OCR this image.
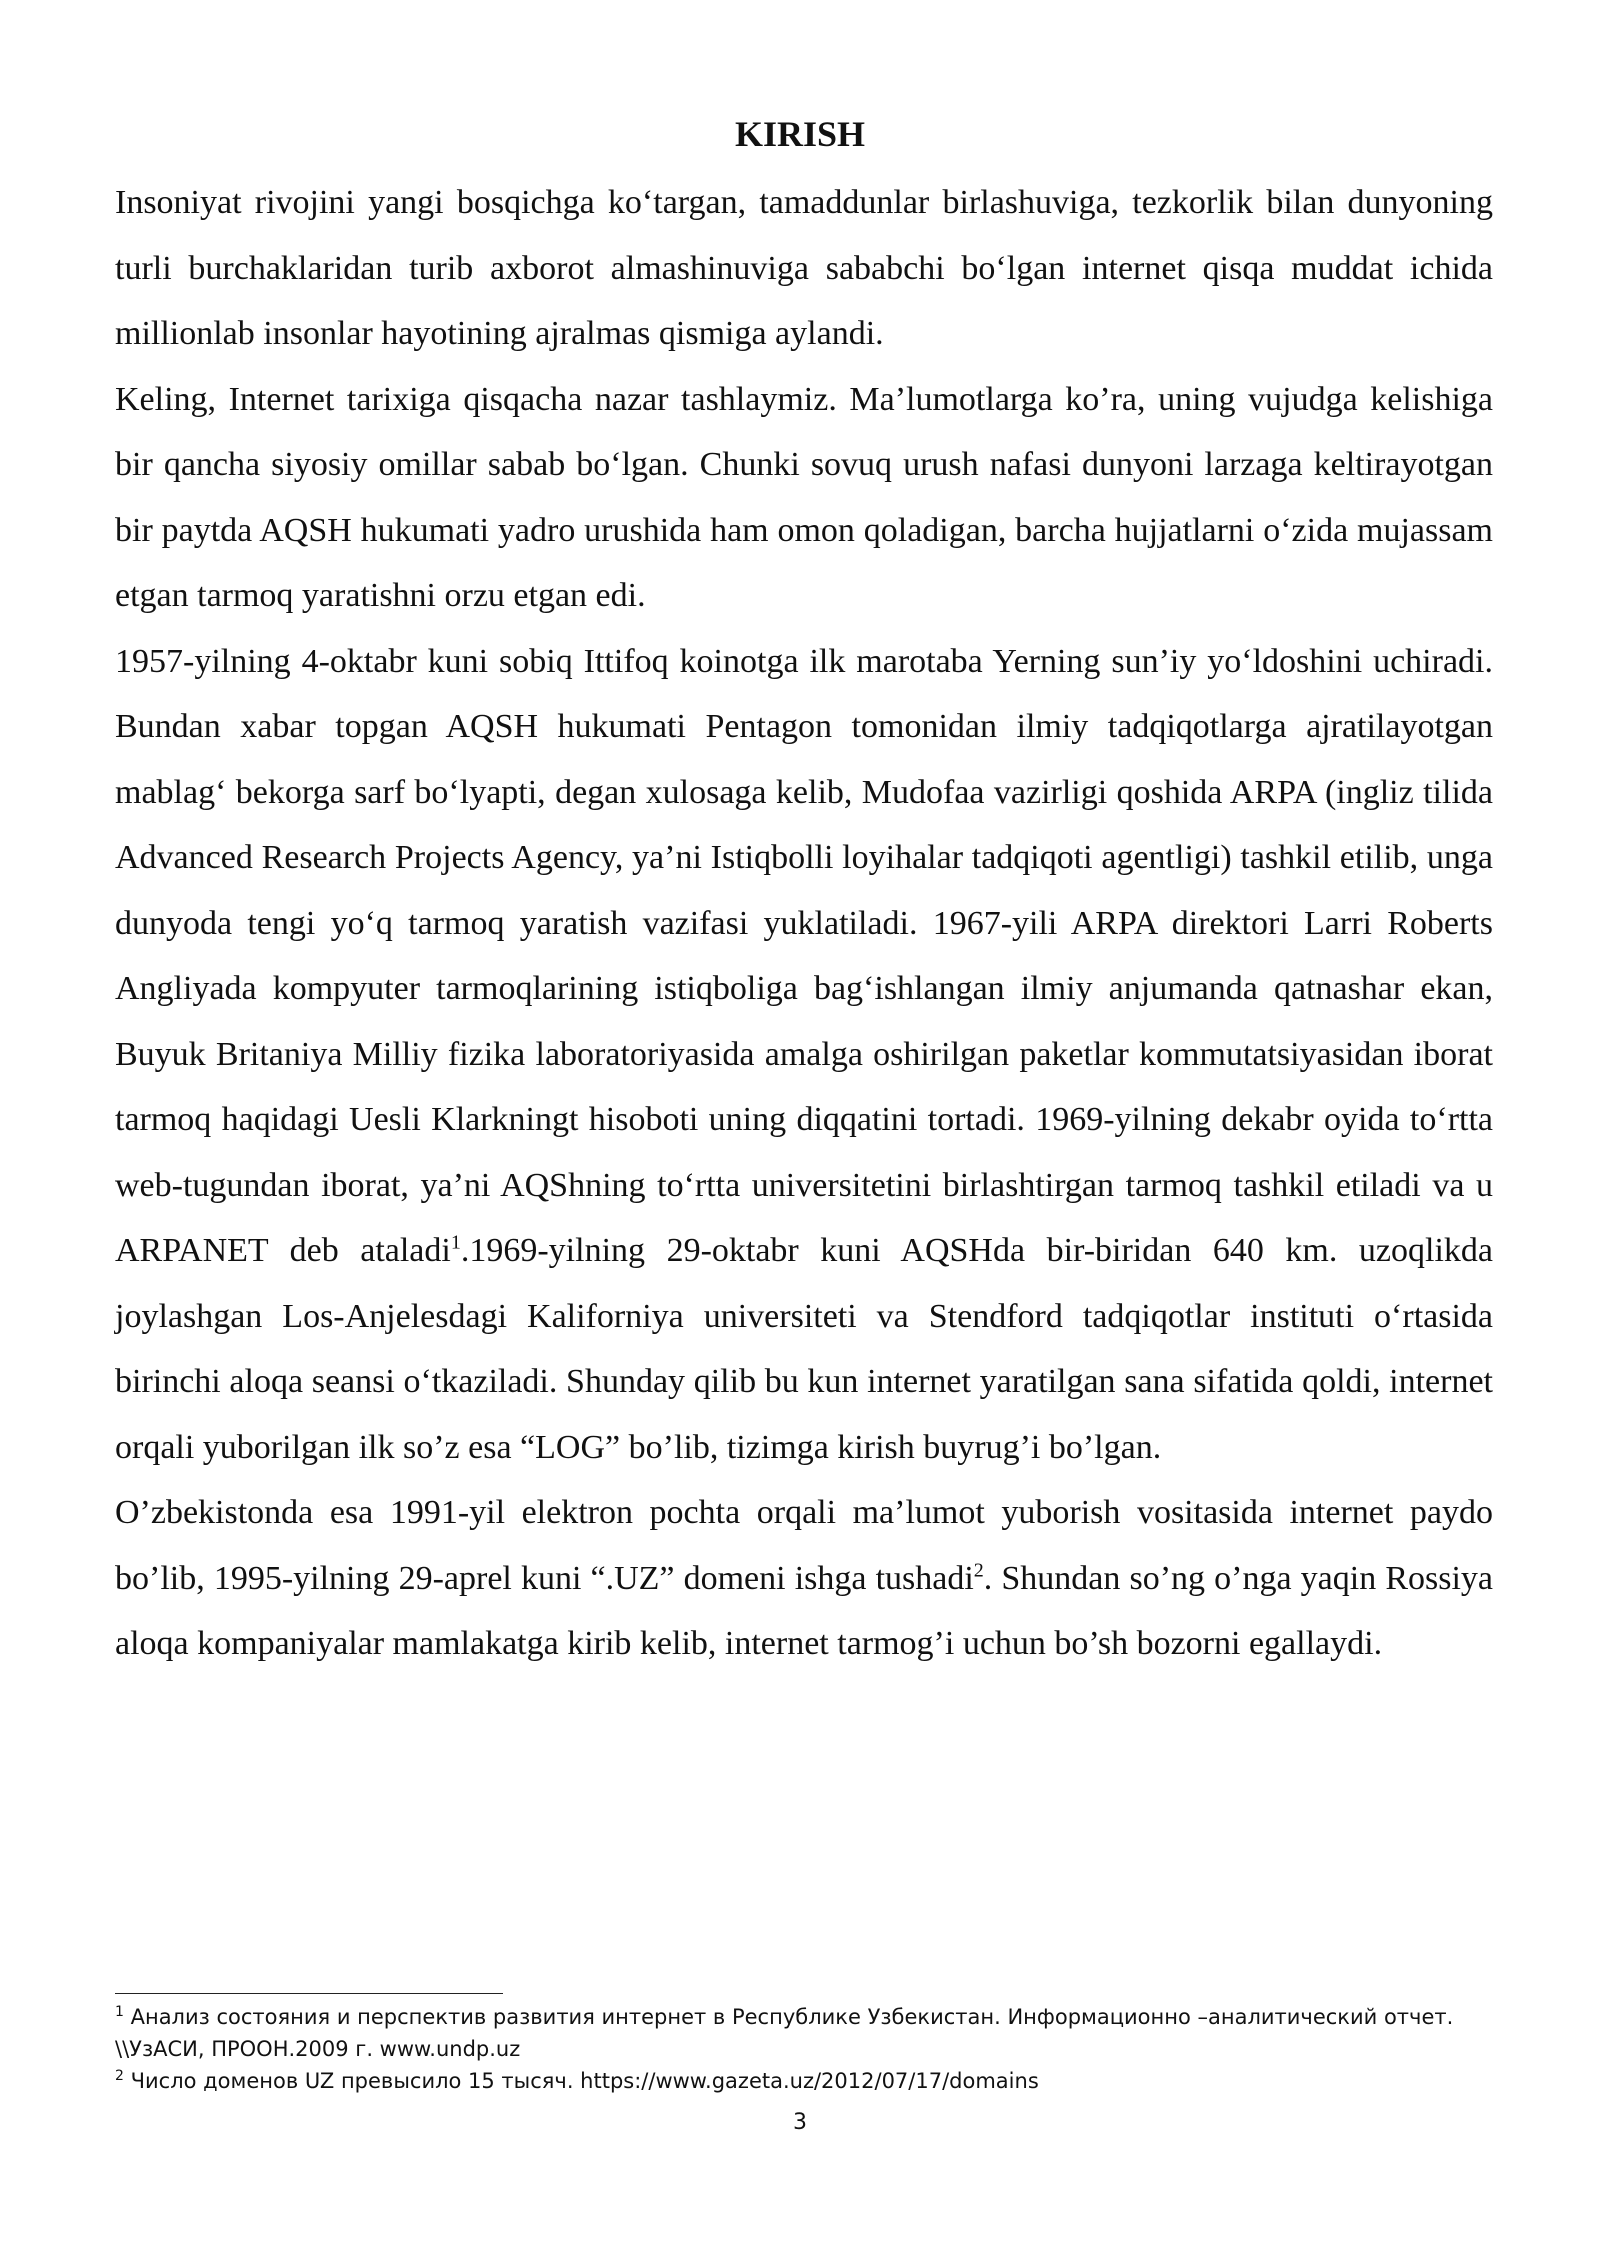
KIRISH

Insoniyat rivojini yangi bosqichga ko‘targan, tamaddunlar birlashuviga, tezkorlik bilan dunyoning turli burchaklaridan turib axborot almashinuviga sababchi bo‘lgan internet qisqa muddat ichida millionlab insonlar hayotining ajralmas qismiga aylandi.

Keling, Internet tarixiga qisqacha nazar tashlaymiz. Ma’lumotlarga ko’ra, uning vujudga kelishiga bir qancha siyosiy omillar sabab bo‘lgan. Chunki sovuq urush nafasi dunyoni larzaga keltirayotgan bir paytda AQSH hukumati yadro urushida ham omon qoladigan, barcha hujjatlarni o‘zida mujassam etgan tarmoq yaratishni orzu etgan edi.

1957-yilning 4-oktabr kuni sobiq Ittifoq koinotga ilk marotaba Yerning sun’iy yo‘ldoshini uchiradi. Bundan xabar topgan AQSH hukumati Pentagon tomonidan ilmiy tadqiqotlarga ajratilayotgan mablag‘ bekorga sarf bo‘lyapti, degan xulosaga kelib, Mudofaa vazirligi qoshida ARPA (ingliz tilida Advanced Research Projects Agency, ya’ni Istiqbolli loyihalar tadqiqoti agentligi) tashkil etilib, unga dunyoda tengi yo‘q tarmoq yaratish vazifasi yuklatiladi. 1967-yili ARPA direktori Larri Roberts Angliyada kompyuter tarmoqlarining istiqboliga bag‘ishlangan ilmiy anjumanda qatnashar ekan, Buyuk Britaniya Milliy fizika laboratoriyasida amalga oshirilgan paketlar kommutatsiyasidan iborat tarmoq haqidagi Uesli Klarkningt hisoboti uning diqqatini tortadi. 1969-yilning dekabr oyida to‘rtta web-tugundan iborat, ya’ni AQShning to‘rtta universitetini birlashtirgan tarmoq tashkil etiladi va u ARPANET deb ataladi$^1$.1969-yilning 29-oktabr kuni AQSHda bir-biridan 640 km. uzoqlikda joylashgan Los-Anjelesdagi Kaliforniya universiteti va Stendford tadqiqotlar instituti o‘rtasida birinchi aloqa seansi o‘tkaziladi. Shunday qilib bu kun internet yaratilgan sana sifatida qoldi, internet orqali yuborilgan ilk so’z esa “LOG” bo’lib, tizimga kirish buyrug’i bo’lgan.

O’zbekistonda esa 1991-yil elektron pochta orqali ma’lumot yuborish vositasida internet paydo bo’lib, 1995-yilning 29-aprel kuni “.UZ” domeni ishga tushadi$^2$. Shundan so’ng o’nga yaqin Rossiya aloqa kompaniyalar mamlakatga kirib kelib, internet tarmog’i uchun bo’sh bozorni egallaydi.

$^1$ Анализ состояния и перспектив развития интернет в Республике Узбекистан. Информационно –аналитический отчет. \\УзАСИ, ПРООН.2009 г. www.undp.uz

$^2$ Число доменов UZ превысило 15 тысяч. https://www.gazeta.uz/2012/07/17/domains

3
